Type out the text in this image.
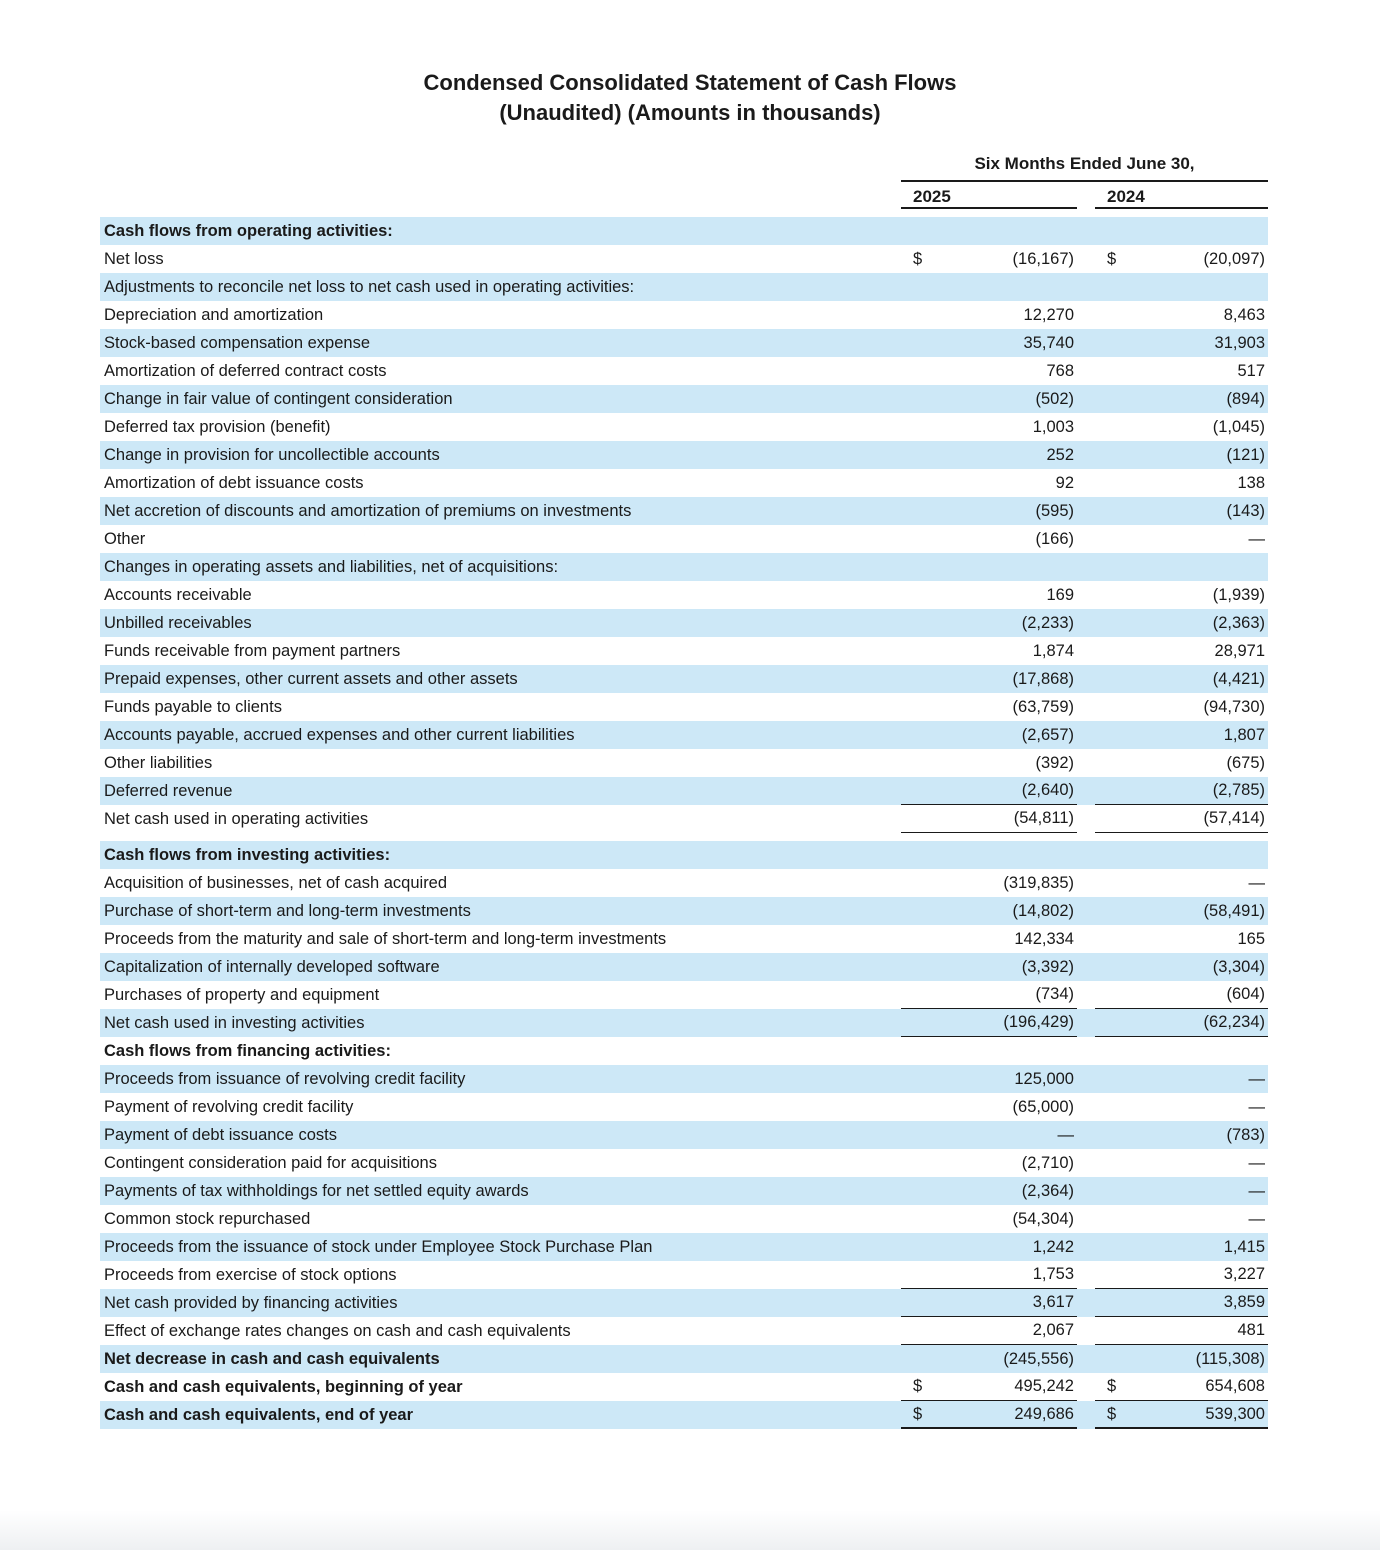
Condensed Consolidated Statement of Cash Flows
(Unaudited) (Amounts in thousands)
Six Months Ended June 30,
2025	2024
Cash flows from operating activities:
Net loss	$	(16,167) $	(20,097)
Adjustments to reconcile net loss to net cash used in operating activities:
Depreciation and amortization	12,270	8,463
Stock-based compensation expense	35,740	31,903
Amortization of deferred contract costs	768	517
Change in fair value of contingent consideration	(502)	(894)
Deferred tax provision (benefit)	1,003	(1,045)
Change in provision for uncollectible accounts	252	(121)
Amortization of debt issuance costs	92	138
Net accretion of discounts and amortization of premiums on investments	(595)	(143)
Other	(166)	—
Changes in operating assets and liabilities, net of acquisitions:
Accounts receivable	169	(1,939)
Unbilled receivables	(2,233)	(2,363)
Funds receivable from payment partners	1,874	28,971
Prepaid expenses, other current assets and other assets	(17,868)	(4,421)
Funds payable to clients	(63,759)	(94,730)
Accounts payable, accrued expenses and other current liabilities	(2,657)	1,807
Other liabilities	(392)	(675)
Deferred revenue	(2,640)	(2,785)
Net cash used in operating activities	(54,811)	(57,414)
Cash flows from investing activities:
Acquisition of businesses, net of cash acquired	(319,835)	—
Purchase of short-term and long-term investments	(14,802)	(58,491)
Proceeds from the maturity and sale of short-term and long-term investments	142,334	165
Capitalization of internally developed software	(3,392)	(3,304)
Purchases of property and equipment	(734)	(604)
Net cash used in investing activities	(196,429)	(62,234)
Cash flows from financing activities:
Proceeds from issuance of revolving credit facility	125,000	—
Payment of revolving credit facility	(65,000)	—
Payment of debt issuance costs	—	(783)
Contingent consideration paid for acquisitions	(2,710)	—
Payments of tax withholdings for net settled equity awards	(2,364)	—
Common stock repurchased	(54,304)	—
Proceeds from the issuance of stock under Employee Stock Purchase Plan	1,242	1,415
Proceeds from exercise of stock options	1,753	3,227
Net cash provided by financing activities	3,617	3,859
Effect of exchange rates changes on cash and cash equivalents	2,067	481
Net decrease in cash and cash equivalents	(245,556)	(115,308)
Cash and cash equivalents, beginning of year	$	495,242 $	654,608
Cash and cash equivalents, end of year	$	249,686 $	539,300
